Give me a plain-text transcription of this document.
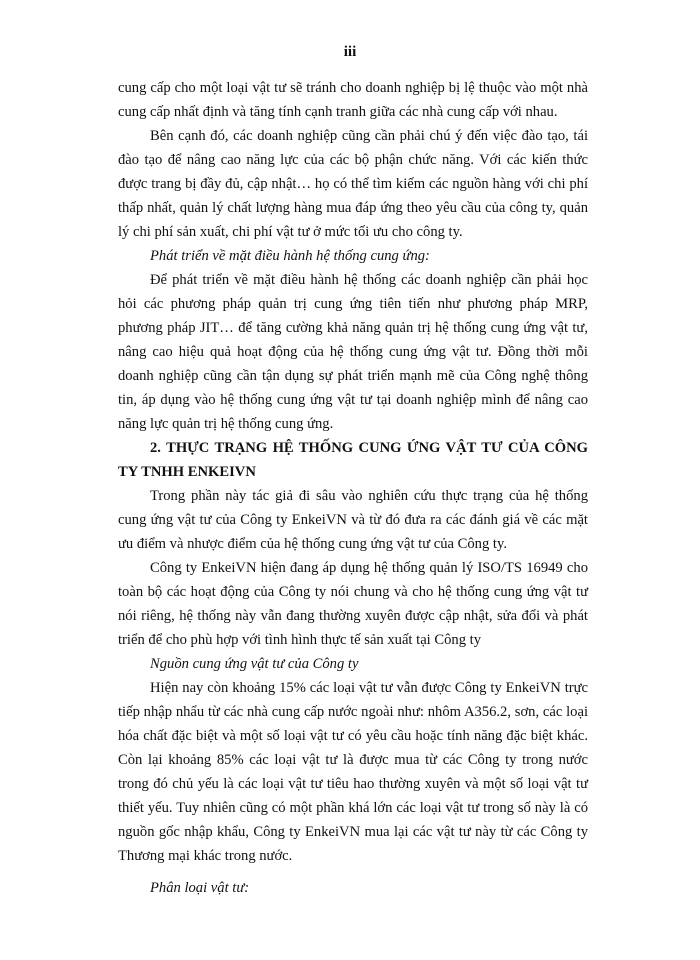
iii

cung cấp cho một loại vật tư sẽ tránh cho doanh nghiệp bị lệ thuộc vào một nhà cung cấp nhất định và tăng tính cạnh tranh giữa các nhà cung cấp với nhau.

Bên cạnh đó, các doanh nghiệp cũng cần phải chú ý đến việc đào tạo, tái đào tạo để nâng cao năng lực của các bộ phận chức năng. Với các kiến thức được trang bị đầy đủ, cập nhật… họ có thể tìm kiếm các nguồn hàng với chi phí thấp nhất, quản lý chất lượng hàng mua đáp ứng theo yêu cầu của công ty, quản lý chi phí sản xuất, chi phí vật tư ở mức tối ưu cho công ty.

Phát triển về mặt điều hành hệ thống cung ứng:

Để phát triển về mặt điều hành hệ thống các doanh nghiệp cần phải học hỏi các phương pháp quản trị cung ứng tiên tiến như phương pháp MRP, phương pháp JIT… để tăng cường khả năng quản trị hệ thống cung ứng vật tư, nâng cao hiệu quả hoạt động của hệ thống cung ứng vật tư. Đồng thời mỗi doanh nghiệp cũng cần tận dụng sự phát triển mạnh mẽ của Công nghệ thông tin, áp dụng vào hệ thống cung ứng vật tư tại doanh nghiệp mình để nâng cao năng lực quản trị hệ thống cung ứng.

2. THỰC TRẠNG HỆ THỐNG CUNG ỨNG VẬT TƯ CỦA CÔNG TY TNHH ENKEIVN

Trong phần này tác giả đi sâu vào nghiên cứu thực trạng của hệ thống cung ứng vật tư của Công ty EnkeiVN và từ đó đưa ra các đánh giá về các mặt ưu điểm và nhược điểm của hệ thống cung ứng vật tư của Công ty.

Công ty EnkeiVN hiện đang áp dụng hệ thống quản lý ISO/TS 16949 cho toàn bộ các hoạt động của Công ty nói chung và cho hệ thống cung ứng vật tư nói riêng, hệ thống này vẫn đang thường xuyên được cập nhật, sửa đổi và phát triển để cho phù hợp với tình hình thực tế sản xuất tại Công ty

Nguồn cung ứng vật tư của Công ty

Hiện nay còn khoảng 15% các loại vật tư vẫn được Công ty EnkeiVN trực tiếp nhập nhẩu từ các nhà cung cấp nước ngoài như: nhôm A356.2, sơn, các loại hóa chất đặc biệt và một số loại vật tư có yêu cầu hoặc tính năng đặc biệt khác. Còn lại khoảng 85% các loại vật tư là được mua từ các Công ty trong nước trong đó chủ yếu là các loại vật tư tiêu hao thường xuyên và một số loại vật tư thiết yếu. Tuy nhiên cũng có một phần khá lớn các loại vật tư trong số này là có nguồn gốc nhập khẩu, Công ty EnkeiVN mua lại các vật tư này từ các Công ty Thương mại khác trong nước.

Phân loại vật tư:
